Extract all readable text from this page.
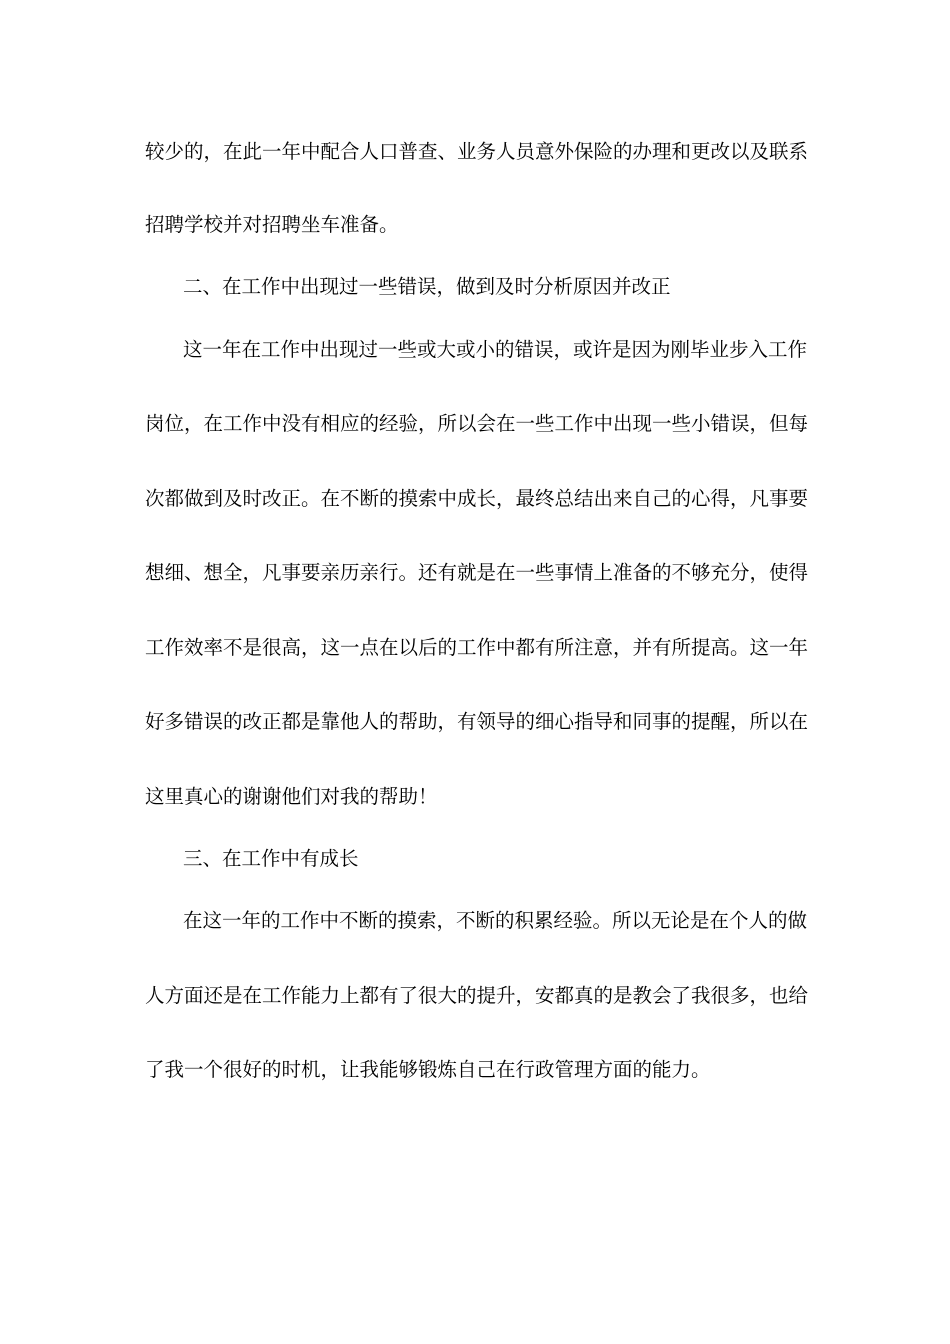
较少的，在此一年中配合人口普查、业务人员意外保险的办理和更改以及联系
招聘学校并对招聘坐车准备。
二、在工作中出现过一些错误，做到及时分析原因并改正
这一年在工作中出现过一些或大或小的错误，或许是因为刚毕业步入工作
岗位，在工作中没有相应的经验，所以会在一些工作中出现一些小错误，但每
次都做到及时改正。在不断的摸索中成长，最终总结出来自己的心得，凡事要
想细、想全，凡事要亲历亲行。还有就是在一些事情上准备的不够充分，使得
工作效率不是很高，这一点在以后的工作中都有所注意，并有所提高。这一年
好多错误的改正都是靠他人的帮助，有领导的细心指导和同事的提醒，所以在
这里真心的谢谢他们对我的帮助！
三、在工作中有成长
在这一年的工作中不断的摸索，不断的积累经验。所以无论是在个人的做
人方面还是在工作能力上都有了很大的提升，安都真的是教会了我很多，也给
了我一个很好的时机，让我能够锻炼自己在行政管理方面的能力。
